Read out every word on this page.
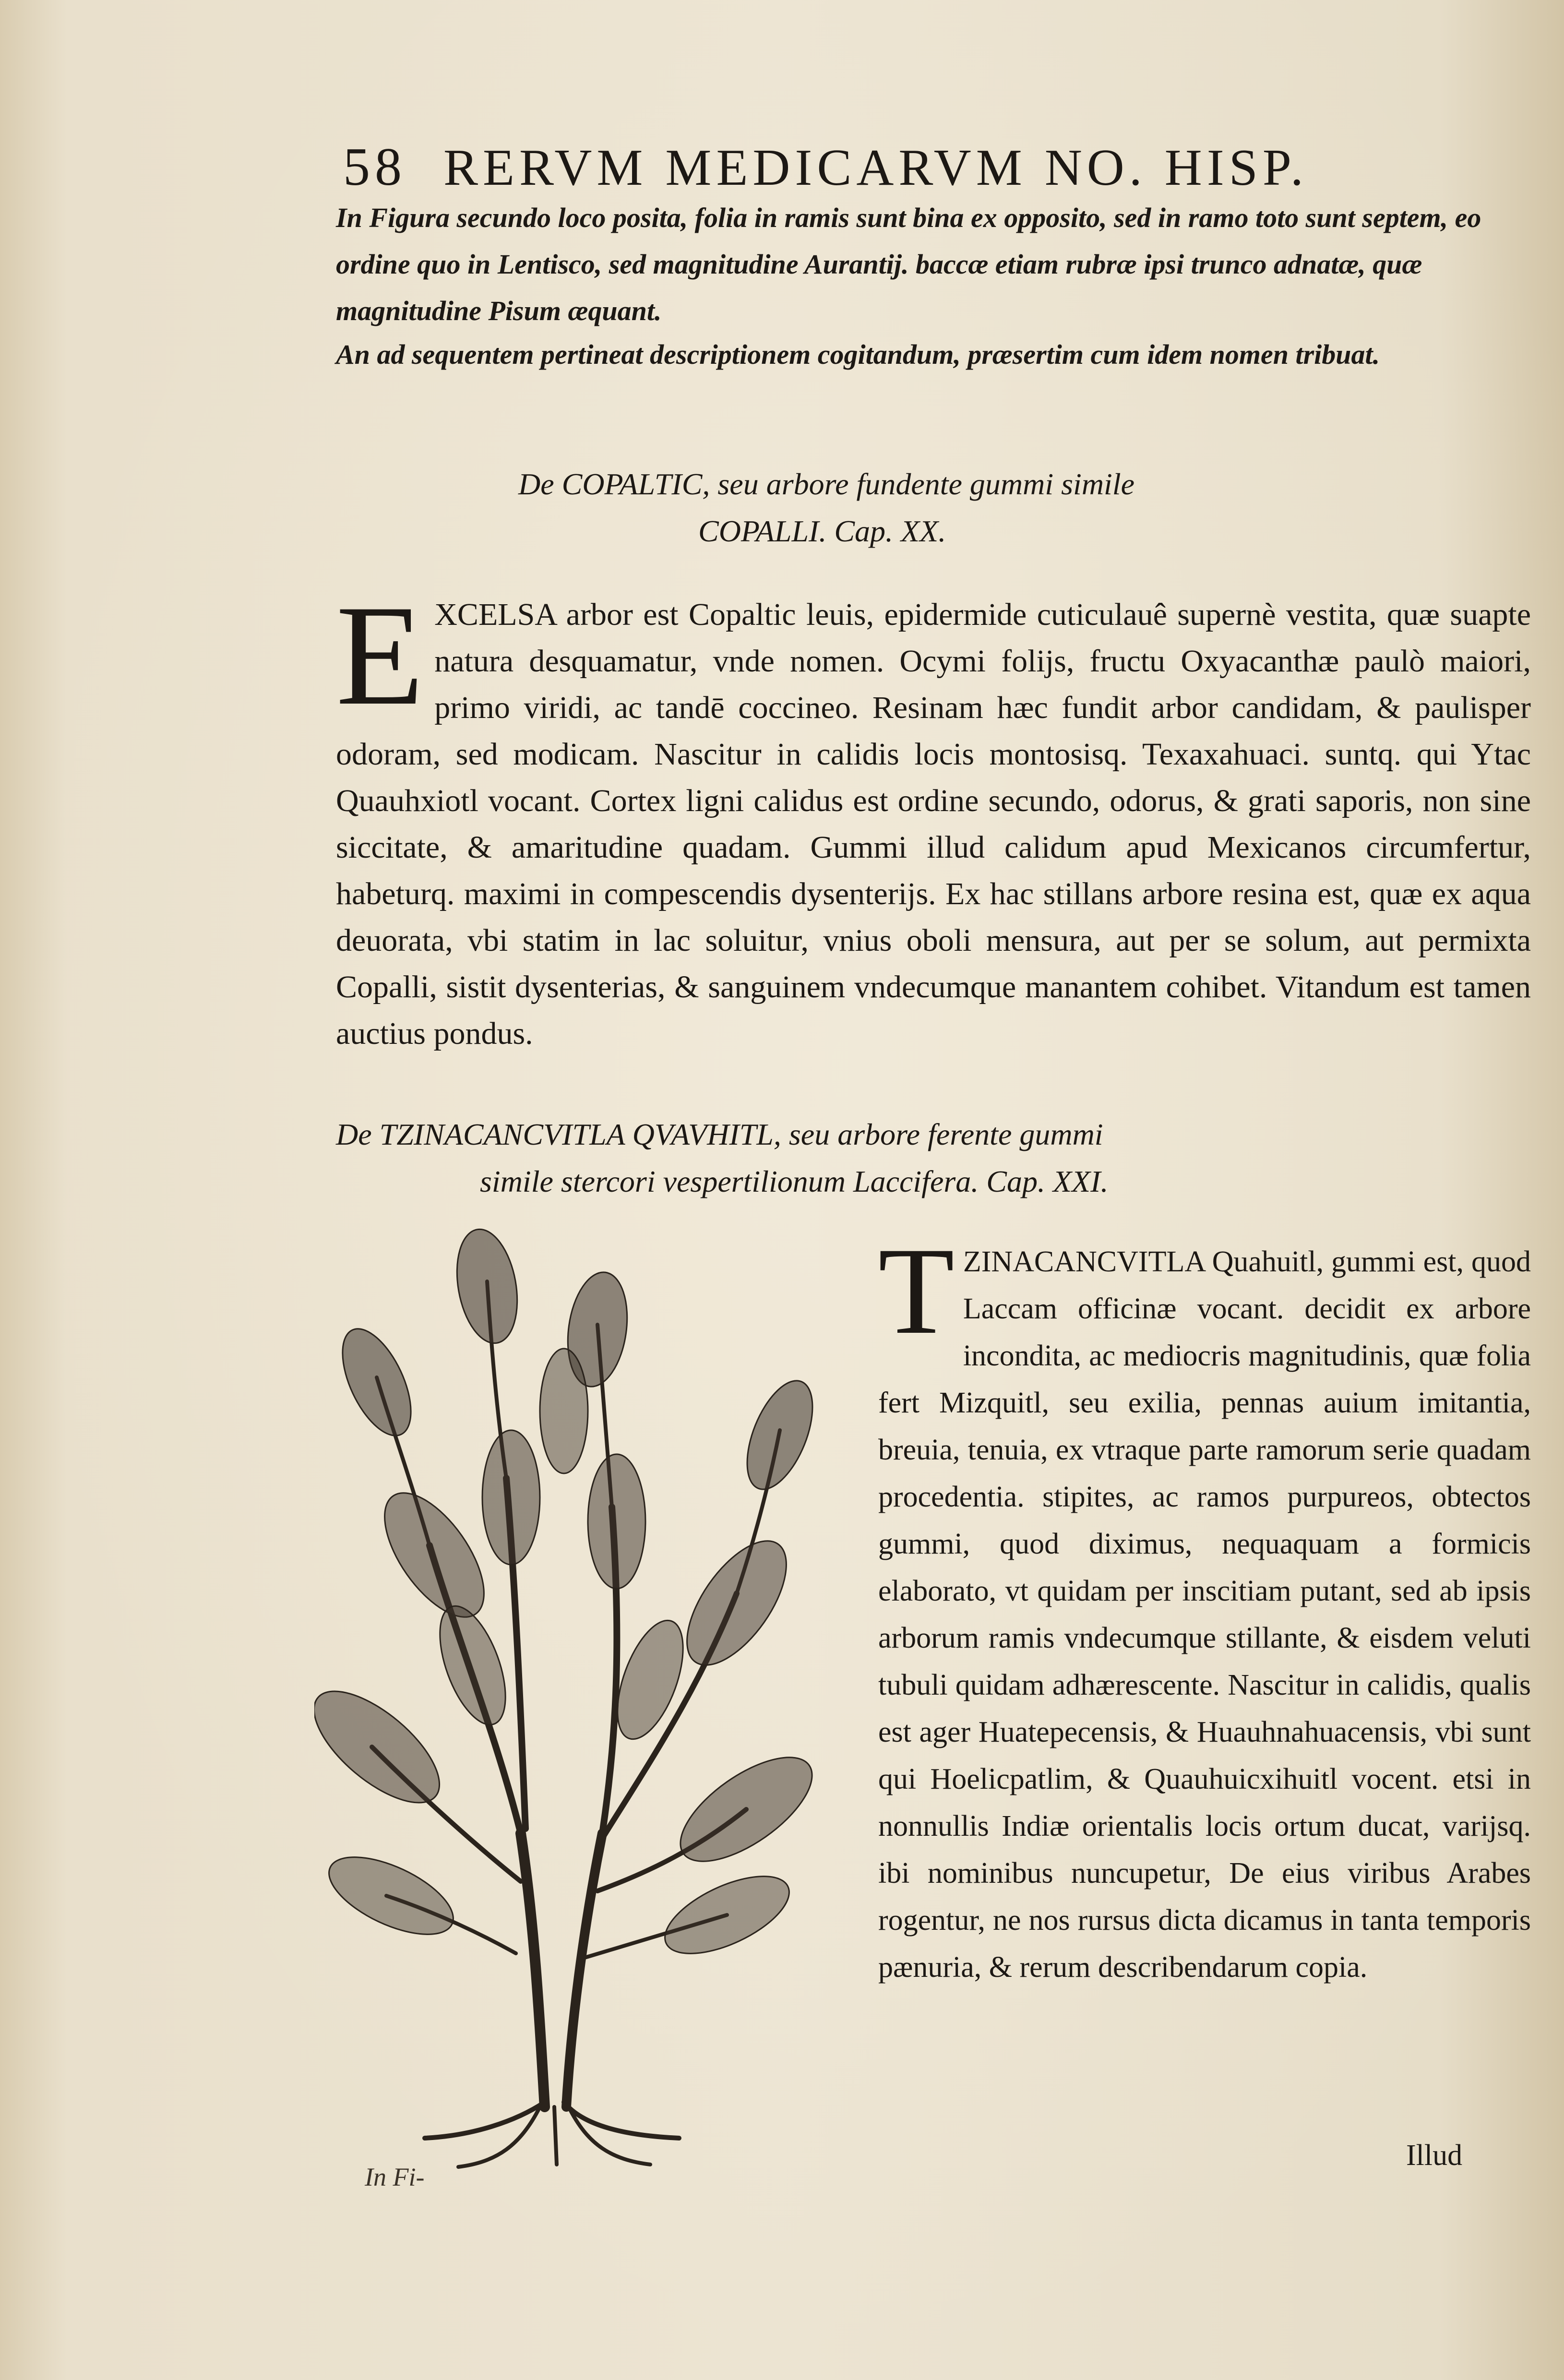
58 RERVM MEDICARVM NO. HISP.
In Figura secundo loco posita, folia in ramis sunt bina ex opposito, sed in ramo toto sunt septem, eo ordine quo in Lentisco, sed magnitudine Aurantij. baccæ etiam rubræ ipsi trunco adnatæ, quæ magnitudine Pisum æquant.
An ad sequentem pertineat descriptionem cogitandum, præsertim cum idem nomen tribuat.
De COPALTIC, seu arbore fundente gummi simile
COPALLI. Cap. XX.
E XCELSA arbor est Copaltic leuis, epidermide cuticulauê supernè vestita, quæ suapte natura desquamatur, vnde nomen. Ocymi folijs, fructu Oxyacanthæ paulò maiori, primo viridi, ac tandē coccineo. Resinam hæc fundit arbor candidam, & paulisper odoram, sed modicam. Nascitur in calidis locis montosisq. Texaxahuaci. suntq. qui Ytac Quauhxiotl vocant. Cortex ligni calidus est ordine secundo, odorus, & grati saporis, non sine siccitate, & amaritudine quadam. Gummi illud calidum apud Mexicanos circumfertur, habeturq. maximi in compescendis dysenterijs. Ex hac stillans arbore resina est, quæ ex aqua deuorata, vbi statim in lac soluitur, vnius oboli mensura, aut per se solum, aut permixta Copalli, sistit dysenterias, & sanguinem vndecumque manantem cohibet. Vitandum est tamen auctius pondus.
De TZINACANCVITLA QVAVHITL, seu arbore ferente gummi
simile stercori vespertilionum Laccifera. Cap. XXI.
T ZINACANCVITLA Quahuitl, gummi est, quod Laccam officinæ vocant. decidit ex arbore incondita, ac mediocris magnitudinis, quæ folia fert Mizquitl, seu exilia, pennas auium imitantia, breuia, tenuia, ex vtraque parte ramorum serie quadam procedentia. stipites, ac ramos purpureos, obtectos gummi, quod diximus, nequaquam a formicis elaborato, vt quidam per inscitiam putant, sed ab ipsis arborum ramis vndecumque stillante, & eisdem veluti tubuli quidam adhærescente. Nascitur in calidis, qualis est ager Huatepecensis, & Huauhnahuacensis, vbi sunt qui Hoelicpatlim, & Quauhuicxihuitl vocent. etsi in nonnullis Indiæ orientalis locis ortum ducat, varijsq. ibi nominibus nuncupetur, De eius viribus Arabes rogentur, ne nos rursus dicta dicamus in tanta temporis pænuria, & rerum describendarum copia.
Illud
In Fi-
